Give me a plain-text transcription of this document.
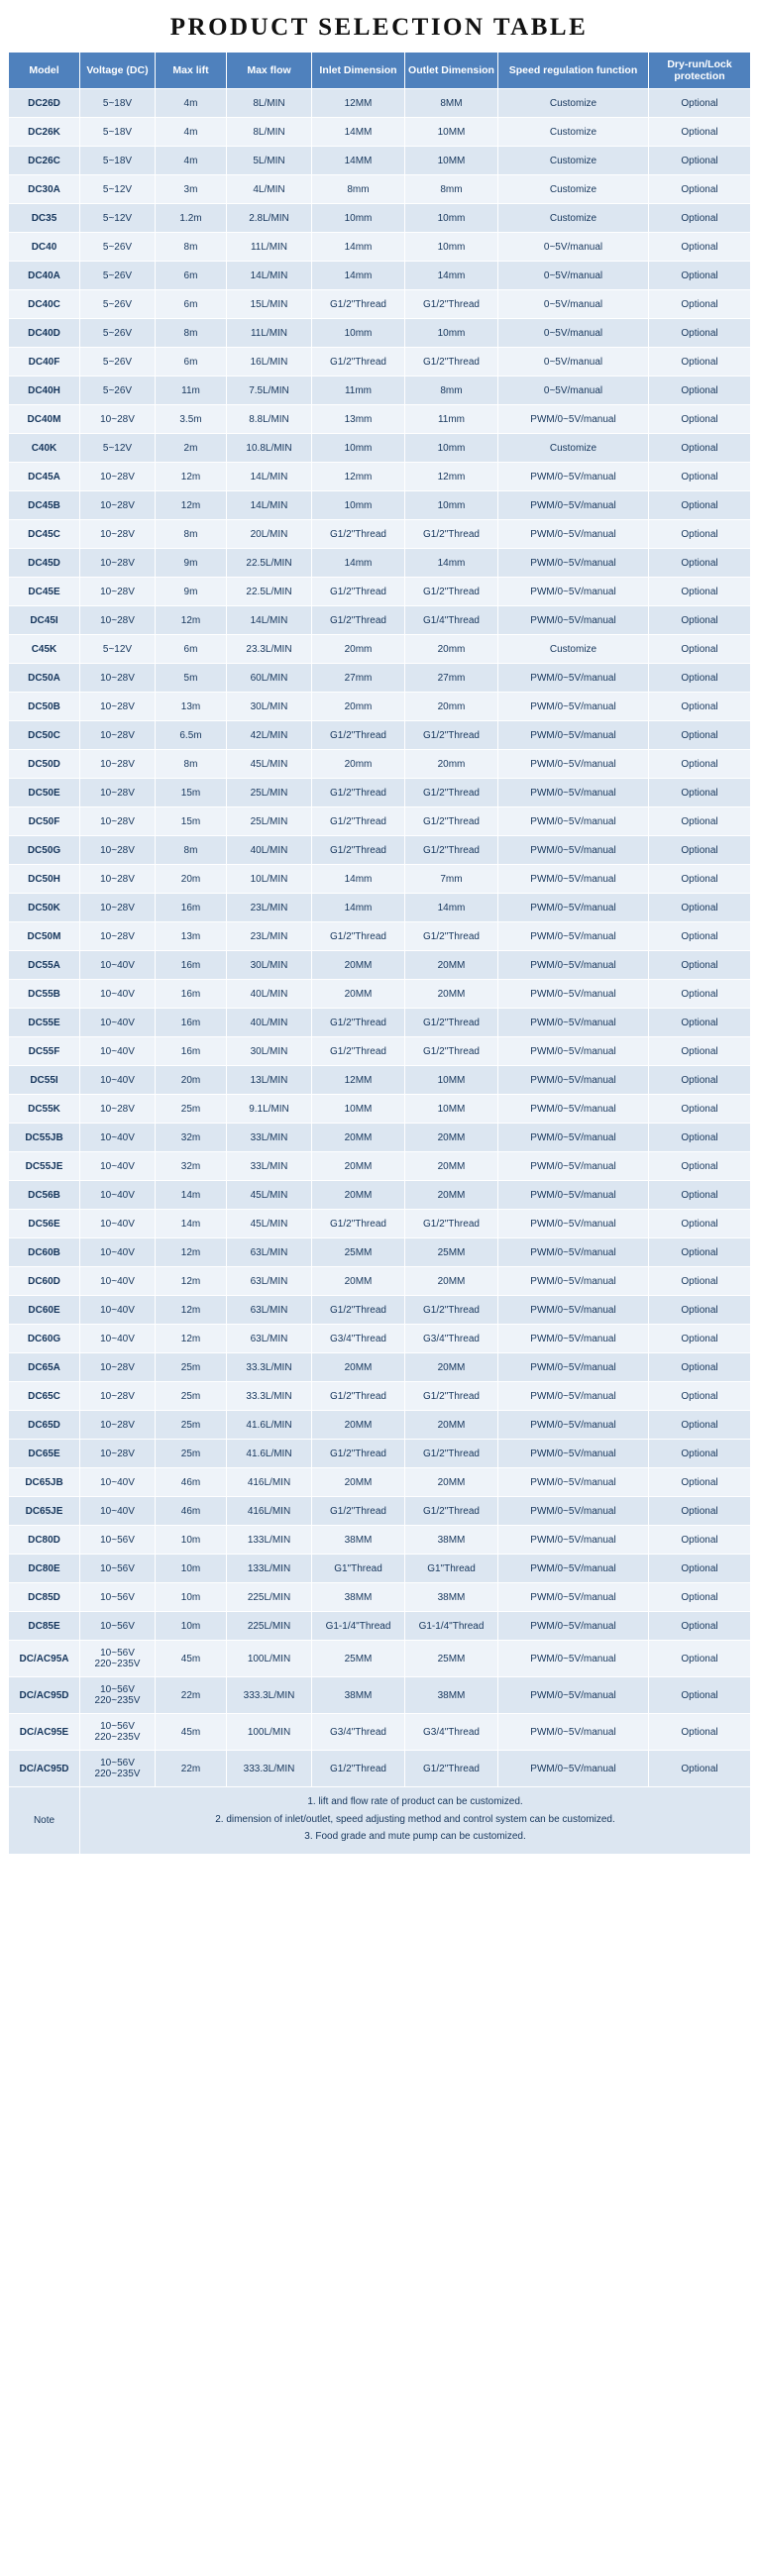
PRODUCT SELECTION TABLE
Model	Voltage (DC)	Max lift	Max flow	Inlet Dimension	Outlet Dimension	Speed regulation function	Dry-run/Lock protection
DC26D	5~18V	4m	8L/MIN	12MM	8MM	Customize	Optional
DC26K	5~18V	4m	8L/MIN	14MM	10MM	Customize	Optional
DC26C	5~18V	4m	5L/MIN	14MM	10MM	Customize	Optional
DC30A	5~12V	3m	4L/MIN	8mm	8mm	Customize	Optional
DC35	5~12V	1.2m	2.8L/MIN	10mm	10mm	Customize	Optional
DC40	5~26V	8m	11L/MIN	14mm	10mm	0~5V/manual	Optional
DC40A	5~26V	6m	14L/MIN	14mm	14mm	0~5V/manual	Optional
DC40C	5~26V	6m	15L/MIN	G1/2"Thread	G1/2"Thread	0~5V/manual	Optional
DC40D	5~26V	8m	11L/MIN	10mm	10mm	0~5V/manual	Optional
DC40F	5~26V	6m	16L/MIN	G1/2"Thread	G1/2"Thread	0~5V/manual	Optional
DC40H	5~26V	11m	7.5L/MIN	11mm	8mm	0~5V/manual	Optional
DC40M	10~28V	3.5m	8.8L/MIN	13mm	11mm	PWM/0~5V/manual	Optional
C40K	5~12V	2m	10.8L/MIN	10mm	10mm	Customize	Optional
DC45A	10~28V	12m	14L/MIN	12mm	12mm	PWM/0~5V/manual	Optional
DC45B	10~28V	12m	14L/MIN	10mm	10mm	PWM/0~5V/manual	Optional
DC45C	10~28V	8m	20L/MIN	G1/2"Thread	G1/2"Thread	PWM/0~5V/manual	Optional
DC45D	10~28V	9m	22.5L/MIN	14mm	14mm	PWM/0~5V/manual	Optional
DC45E	10~28V	9m	22.5L/MIN	G1/2"Thread	G1/2"Thread	PWM/0~5V/manual	Optional
DC45I	10~28V	12m	14L/MIN	G1/2"Thread	G1/4"Thread	PWM/0~5V/manual	Optional
C45K	5~12V	6m	23.3L/MIN	20mm	20mm	Customize	Optional
DC50A	10~28V	5m	60L/MIN	27mm	27mm	PWM/0~5V/manual	Optional
DC50B	10~28V	13m	30L/MIN	20mm	20mm	PWM/0~5V/manual	Optional
DC50C	10~28V	6.5m	42L/MIN	G1/2"Thread	G1/2"Thread	PWM/0~5V/manual	Optional
DC50D	10~28V	8m	45L/MIN	20mm	20mm	PWM/0~5V/manual	Optional
DC50E	10~28V	15m	25L/MIN	G1/2"Thread	G1/2"Thread	PWM/0~5V/manual	Optional
DC50F	10~28V	15m	25L/MIN	G1/2"Thread	G1/2"Thread	PWM/0~5V/manual	Optional
DC50G	10~28V	8m	40L/MIN	G1/2"Thread	G1/2"Thread	PWM/0~5V/manual	Optional
DC50H	10~28V	20m	10L/MIN	14mm	7mm	PWM/0~5V/manual	Optional
DC50K	10~28V	16m	23L/MIN	14mm	14mm	PWM/0~5V/manual	Optional
DC50M	10~28V	13m	23L/MIN	G1/2"Thread	G1/2"Thread	PWM/0~5V/manual	Optional
DC55A	10~40V	16m	30L/MIN	20MM	20MM	PWM/0~5V/manual	Optional
DC55B	10~40V	16m	40L/MIN	20MM	20MM	PWM/0~5V/manual	Optional
DC55E	10~40V	16m	40L/MIN	G1/2"Thread	G1/2"Thread	PWM/0~5V/manual	Optional
DC55F	10~40V	16m	30L/MIN	G1/2"Thread	G1/2"Thread	PWM/0~5V/manual	Optional
DC55I	10~40V	20m	13L/MIN	12MM	10MM	PWM/0~5V/manual	Optional
DC55K	10~28V	25m	9.1L/MIN	10MM	10MM	PWM/0~5V/manual	Optional
DC55JB	10~40V	32m	33L/MIN	20MM	20MM	PWM/0~5V/manual	Optional
DC55JE	10~40V	32m	33L/MIN	20MM	20MM	PWM/0~5V/manual	Optional
DC56B	10~40V	14m	45L/MIN	20MM	20MM	PWM/0~5V/manual	Optional
DC56E	10~40V	14m	45L/MIN	G1/2"Thread	G1/2"Thread	PWM/0~5V/manual	Optional
DC60B	10~40V	12m	63L/MIN	25MM	25MM	PWM/0~5V/manual	Optional
DC60D	10~40V	12m	63L/MIN	20MM	20MM	PWM/0~5V/manual	Optional
DC60E	10~40V	12m	63L/MIN	G1/2"Thread	G1/2"Thread	PWM/0~5V/manual	Optional
DC60G	10~40V	12m	63L/MIN	G3/4"Thread	G3/4"Thread	PWM/0~5V/manual	Optional
DC65A	10~28V	25m	33.3L/MIN	20MM	20MM	PWM/0~5V/manual	Optional
DC65C	10~28V	25m	33.3L/MIN	G1/2"Thread	G1/2"Thread	PWM/0~5V/manual	Optional
DC65D	10~28V	25m	41.6L/MIN	20MM	20MM	PWM/0~5V/manual	Optional
DC65E	10~28V	25m	41.6L/MIN	G1/2"Thread	G1/2"Thread	PWM/0~5V/manual	Optional
DC65JB	10~40V	46m	416L/MIN	20MM	20MM	PWM/0~5V/manual	Optional
DC65JE	10~40V	46m	416L/MIN	G1/2"Thread	G1/2"Thread	PWM/0~5V/manual	Optional
DC80D	10~56V	10m	133L/MIN	38MM	38MM	PWM/0~5V/manual	Optional
DC80E	10~56V	10m	133L/MIN	G1"Thread	G1"Thread	PWM/0~5V/manual	Optional
DC85D	10~56V	10m	225L/MIN	38MM	38MM	PWM/0~5V/manual	Optional
DC85E	10~56V	10m	225L/MIN	G1-1/4"Thread	G1-1/4"Thread	PWM/0~5V/manual	Optional
DC/AC95A	10~56V 220~235V	45m	100L/MIN	25MM	25MM	PWM/0~5V/manual	Optional
DC/AC95D	10~56V 220~235V	22m	333.3L/MIN	38MM	38MM	PWM/0~5V/manual	Optional
DC/AC95E	10~56V 220~235V	45m	100L/MIN	G3/4"Thread	G3/4"Thread	PWM/0~5V/manual	Optional
DC/AC95D	10~56V 220~235V	22m	333.3L/MIN	G1/2"Thread	G1/2"Thread	PWM/0~5V/manual	Optional
Note	
1. lift and flow rate of product can be customized.
2. dimension of inlet/outlet, speed adjusting method and control system can be customized.
3. Food grade and mute pump can be customized.
